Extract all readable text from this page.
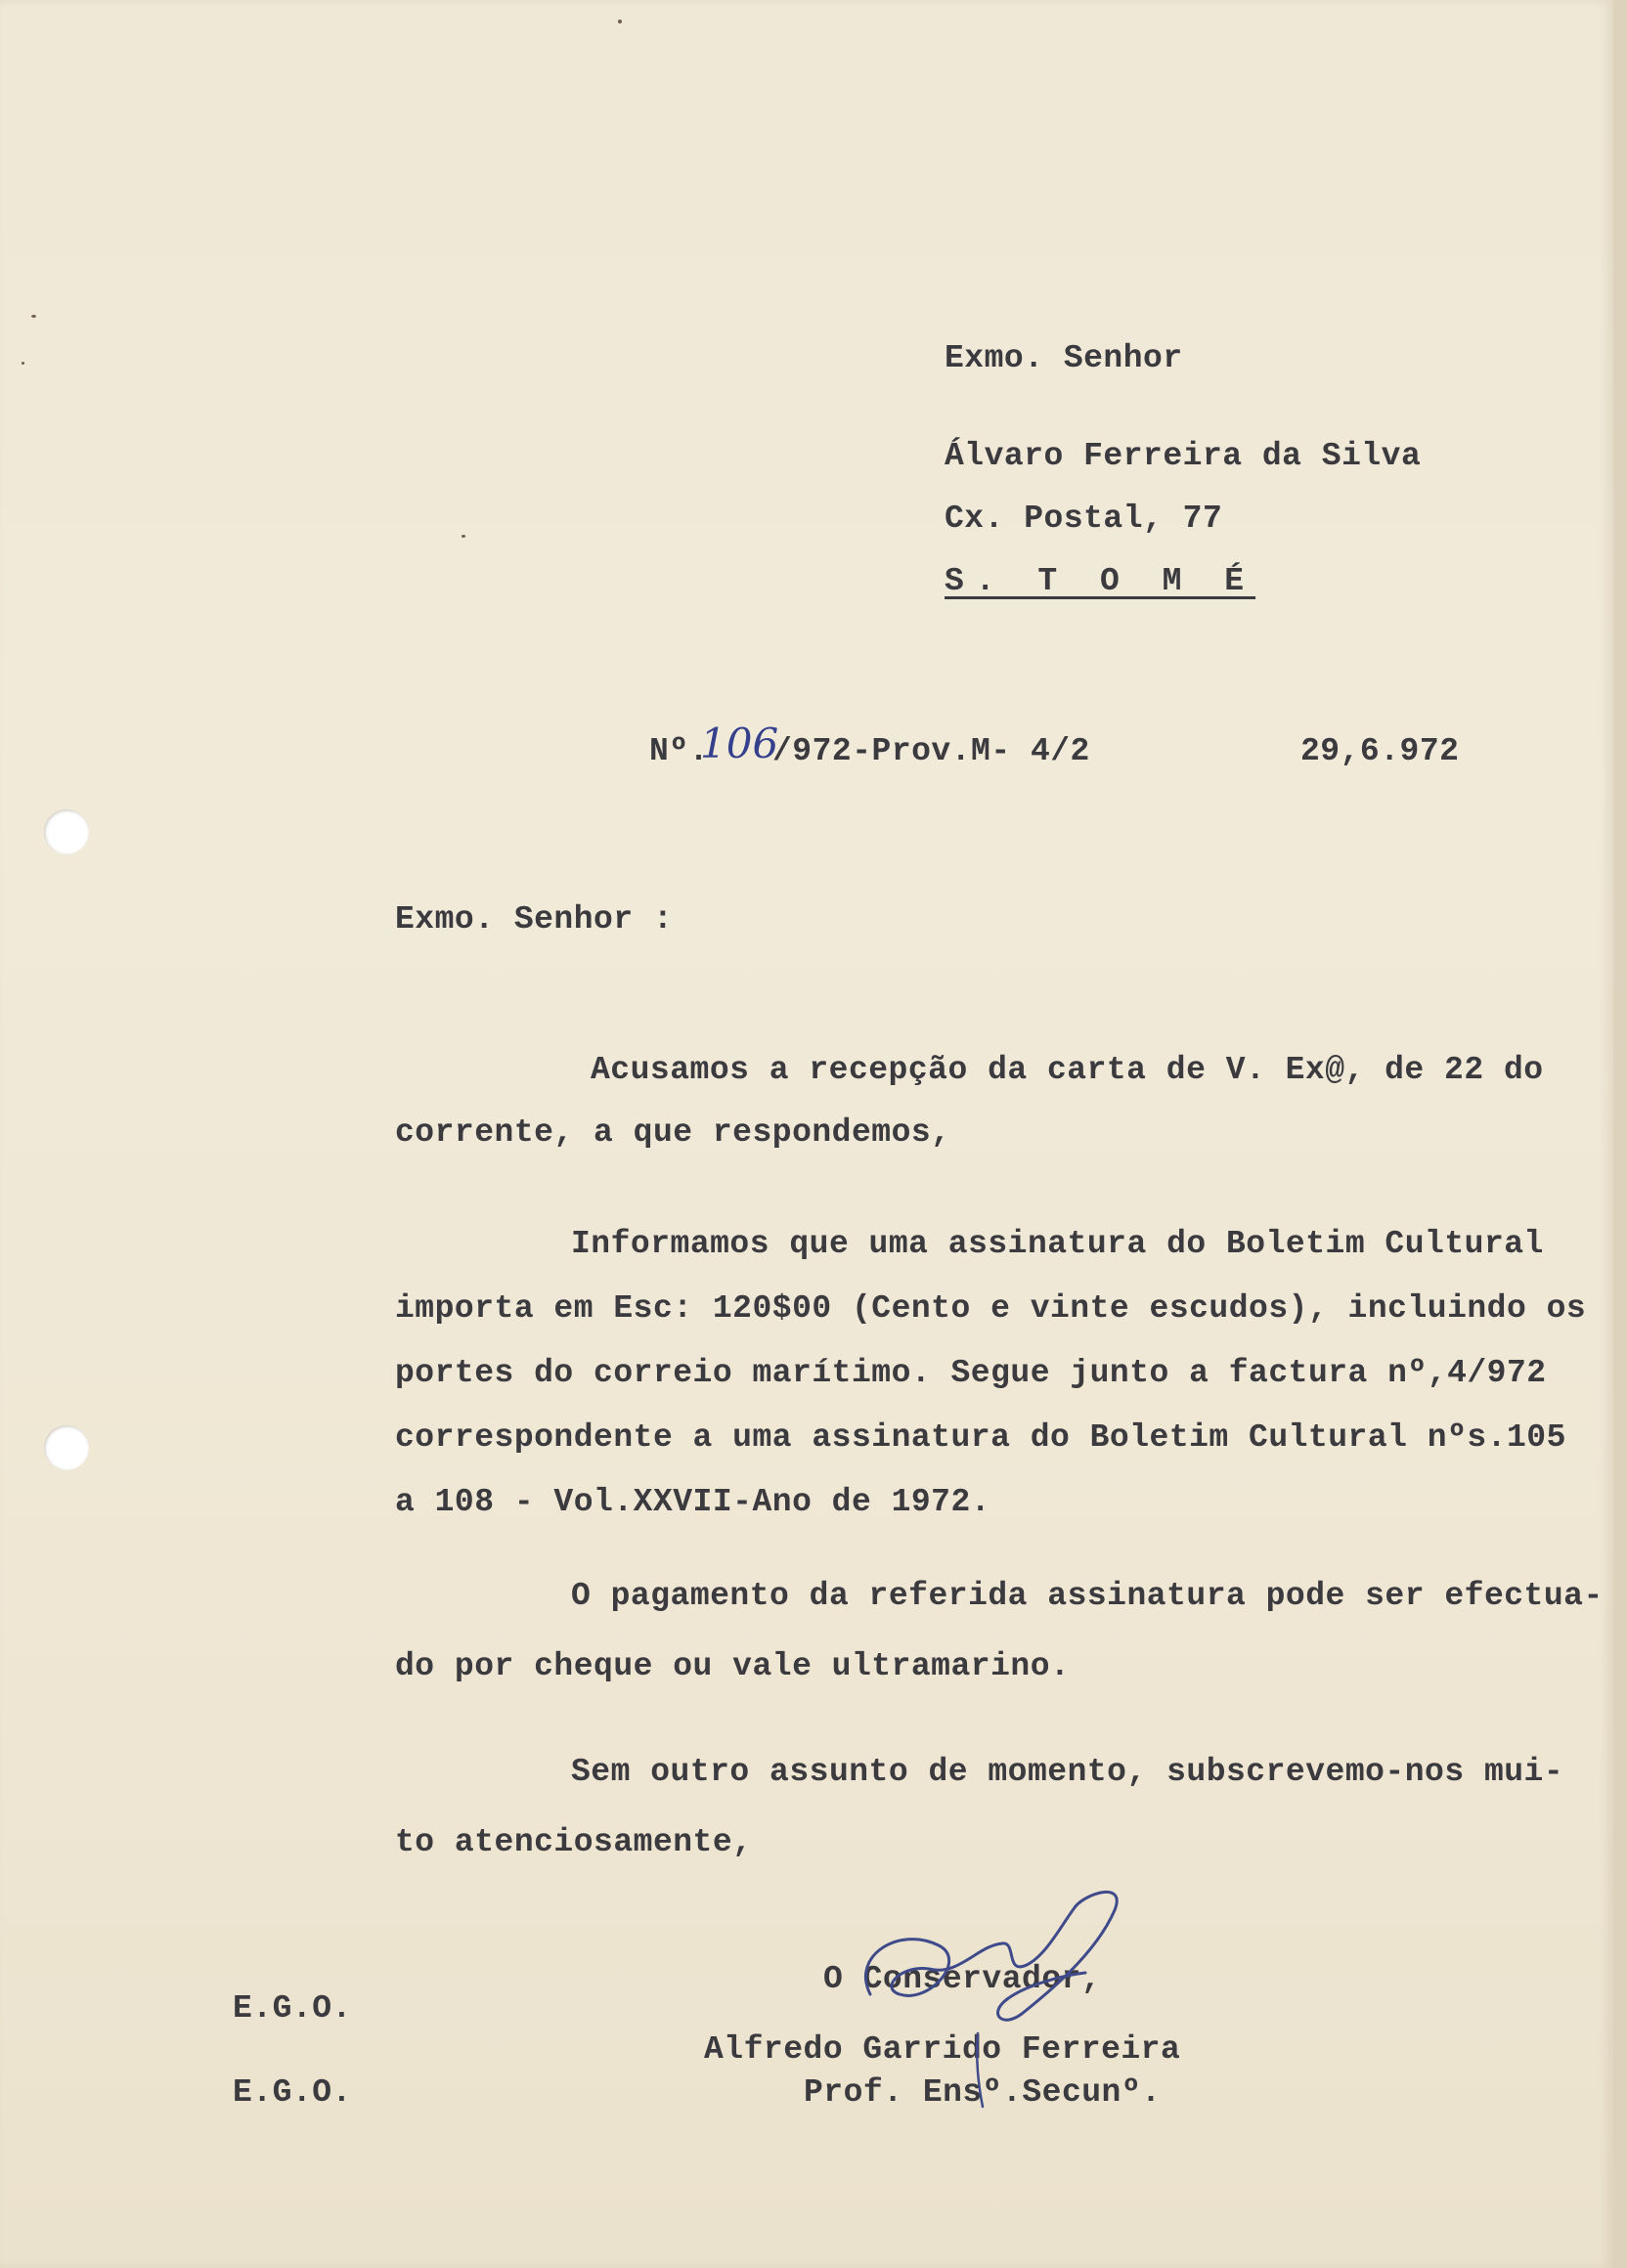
Exmo. Senhor
Álvaro Ferreira da Silva
Cx. Postal, 77
S. T O M É
Nº.
106
/972-Prov.M- 4/2	29,6.972
Exmo. Senhor :
Acusamos a recepção da carta de V. Ex@, de 22 do
corrente, a que respondemos,
Informamos que uma assinatura do Boletim Cultural
importa em Esc: 120$00 (Cento e vinte escudos), incluindo os
portes do correio marítimo. Segue junto a factura nº,4/972
correspondente a uma assinatura do Boletim Cultural nºs.105
a 108 - Vol.XXVII-Ano de 1972.
O pagamento da referida assinatura pode ser efectua-
do por cheque ou vale ultramarino.
Sem outro assunto de momento, subscrevemo-nos mui-
to atenciosamente,
O Conservador,
Alfredo Garrido Ferreira
Prof. Ensº.Secunº.
E.G.O.
E.G.O.
